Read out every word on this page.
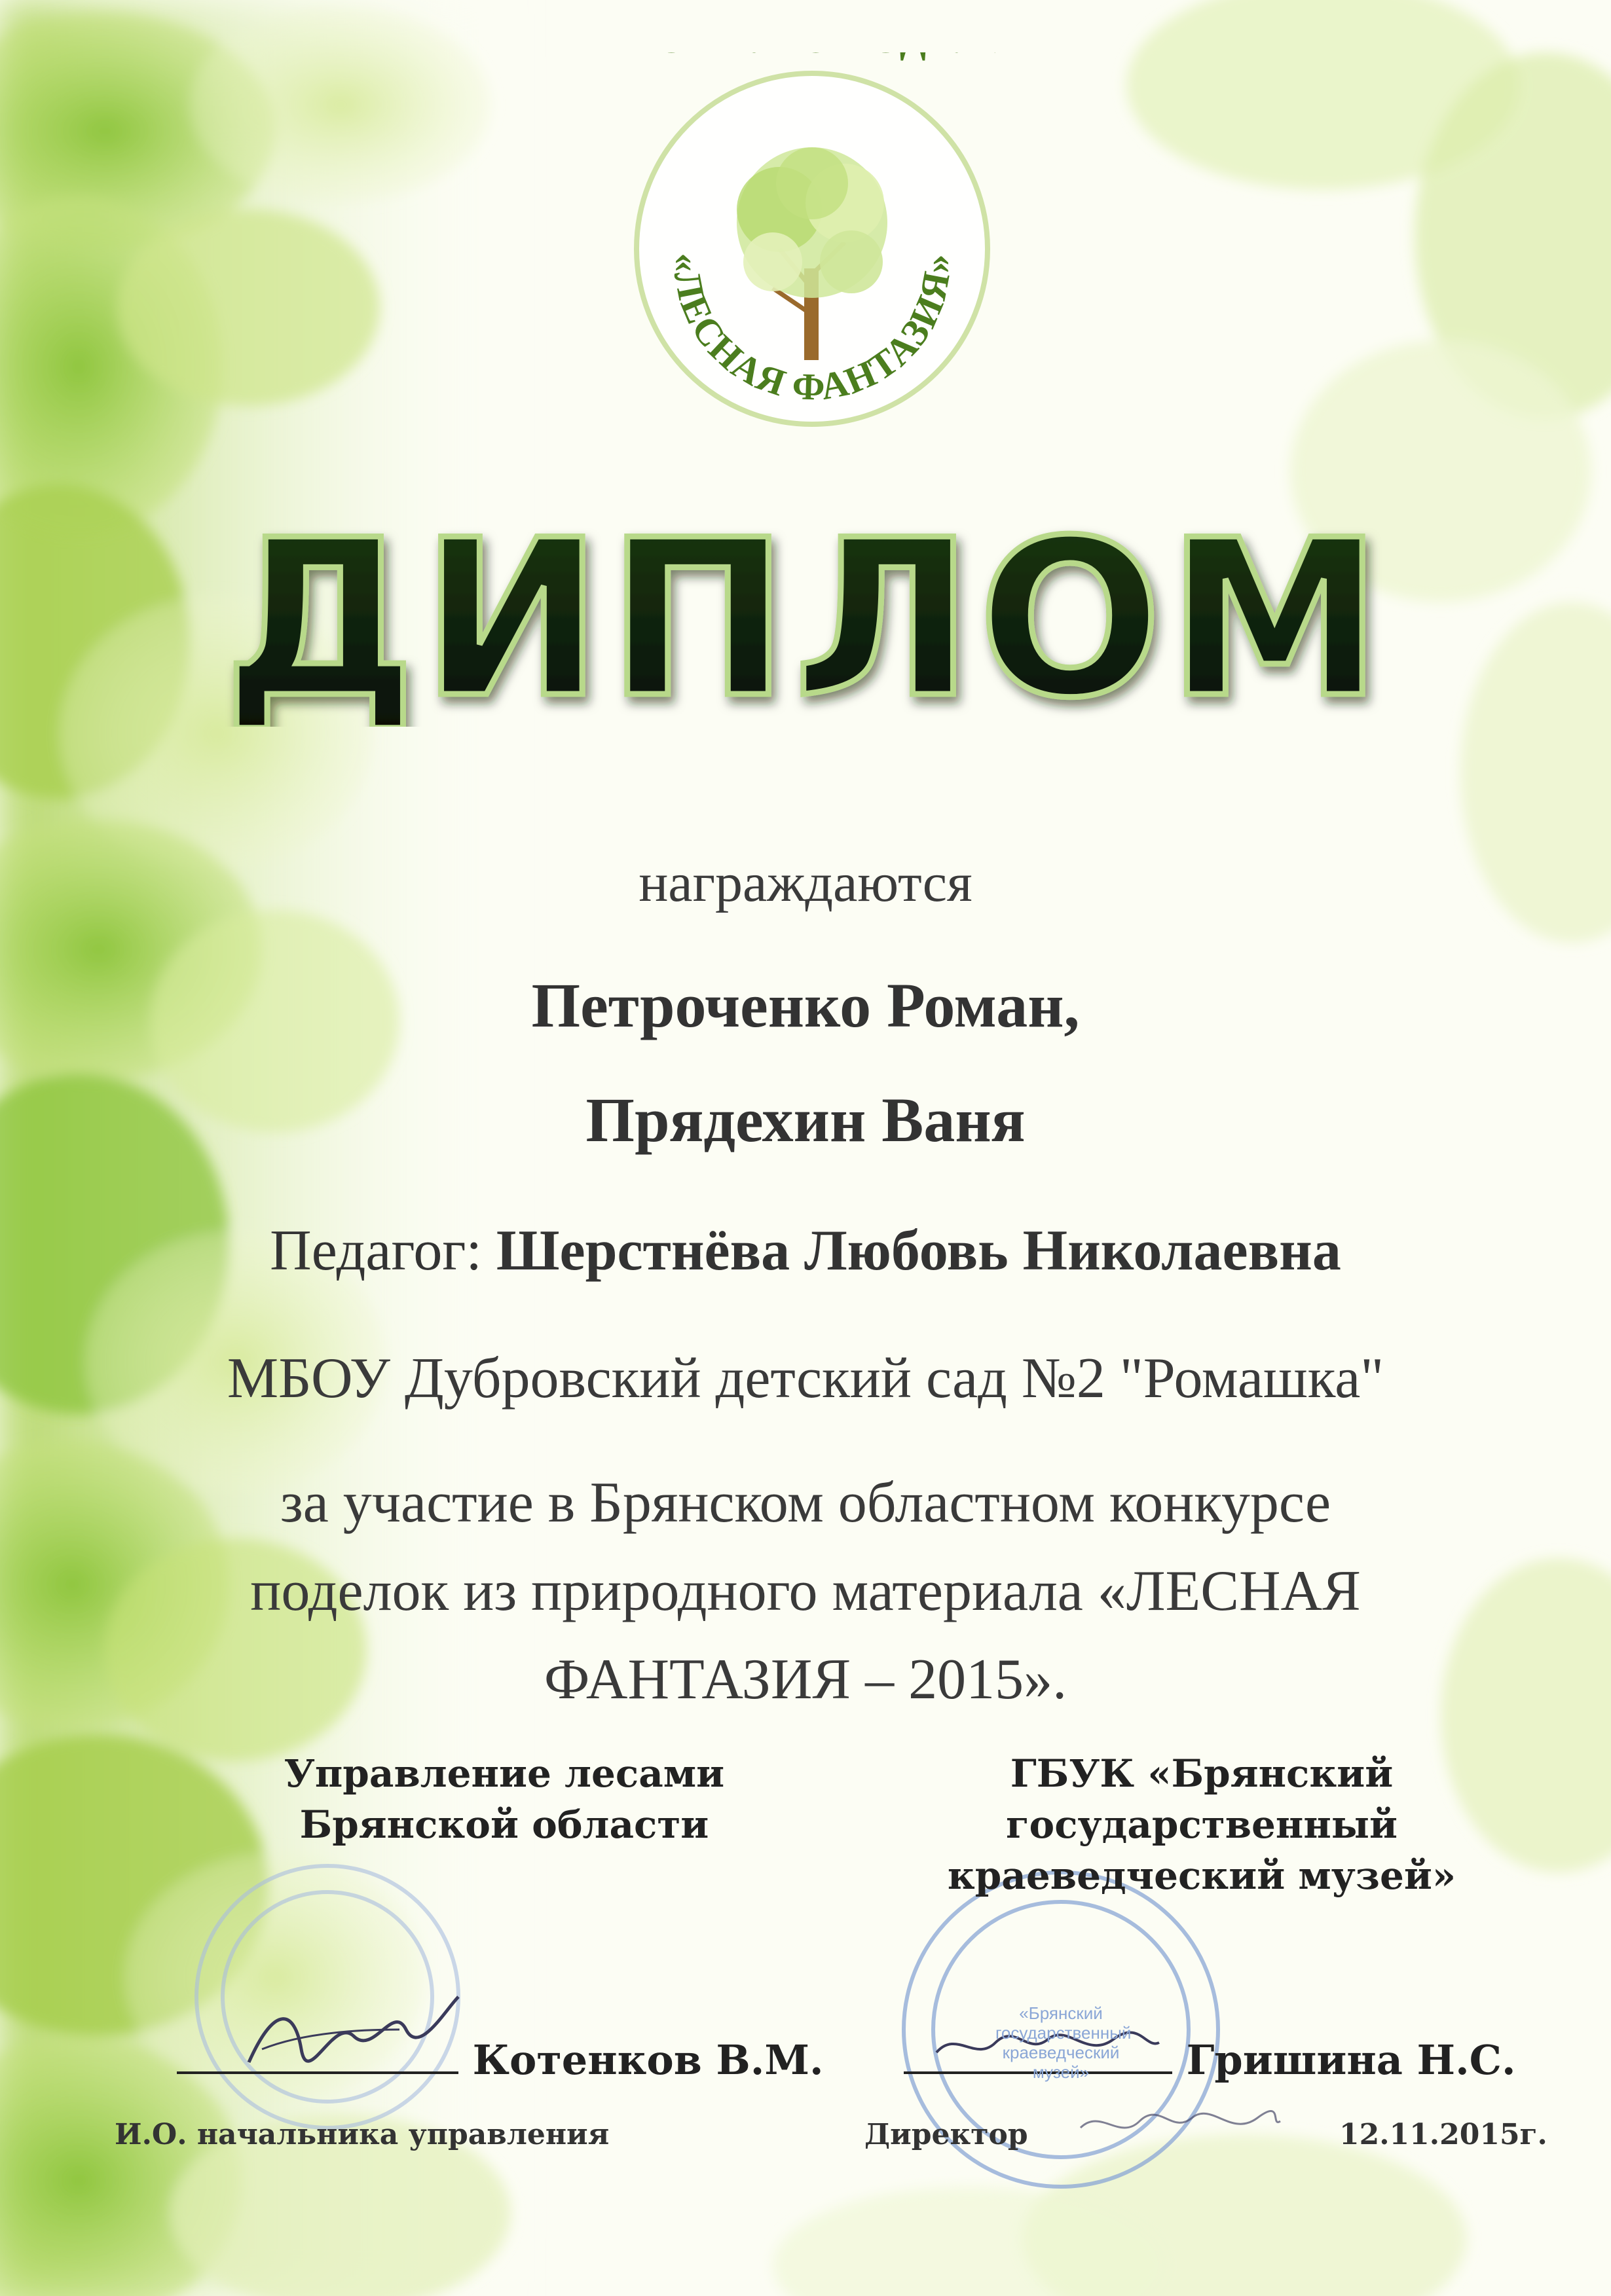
«ЛЕСНАЯ ФАНТАЗИЯ»
ДИПЛОМ
награждаются
Петроченко Роман,
Прядехин Ваня
Педагог: Шерстнёва Любовь Николаевна
МБОУ Дубровский детский сад №2 "Ромашка"
за участие в Брянском областном конкурсе
поделок из природного материала «ЛЕСНАЯ
ФАНТАЗИЯ – 2015».
Управление лесами
Брянской области
ГБУК «Брянский государственный
краеведческий музей»
Котенков В.М.	Гришина Н.С.
И.О. начальника управления	Директор	12.11.2015г.
«Брянский
государственный
краеведческий
музей»
